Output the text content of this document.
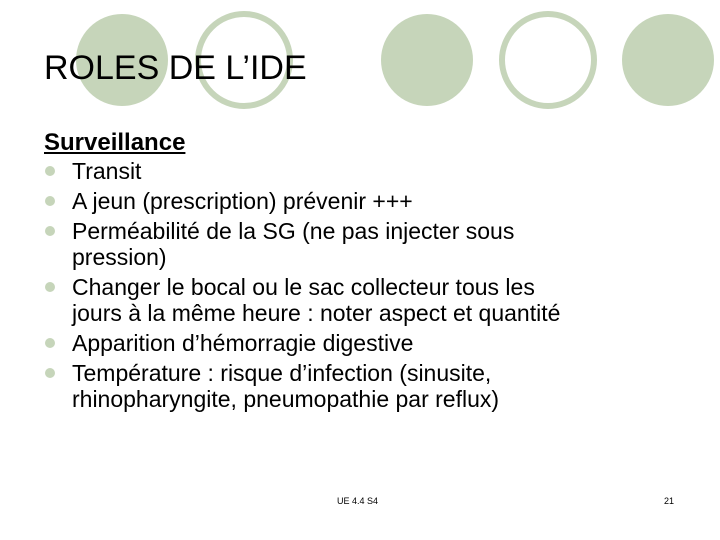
ROLES DE L’IDE
Surveillance
Transit
A jeun (prescription) prévenir +++
Perméabilité de la SG (ne pas injecter sous
pression)
Changer le bocal ou le sac collecteur tous les
jours à la même heure : noter aspect et quantité
Apparition d’hémorragie digestive
Température : risque d’infection (sinusite,
rhinopharyngite, pneumopathie par reflux)
UE 4.4 S4	21
